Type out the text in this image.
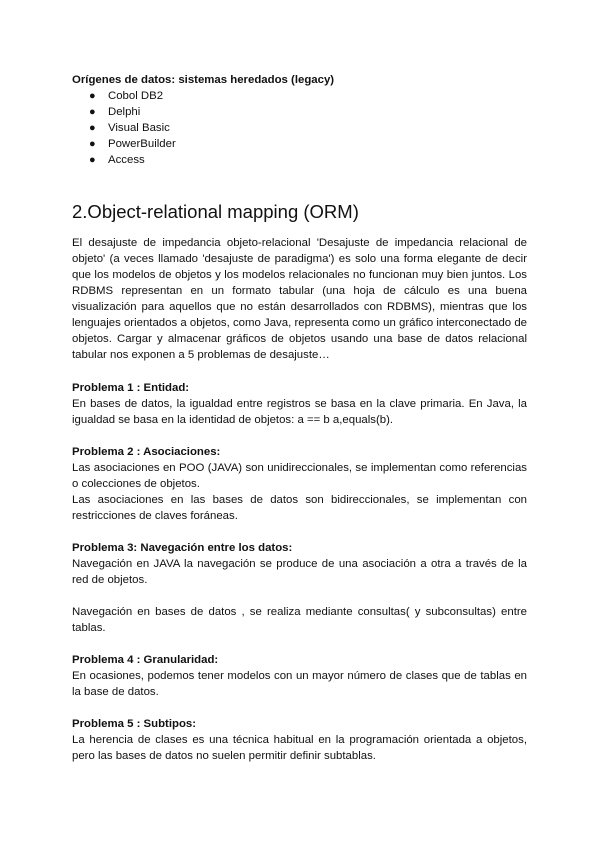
Orígenes de datos: sistemas heredados (legacy)

● Cobol DB2
● Delphi
● Visual Basic
● PowerBuilder
● Access
2.Object-relational mapping (ORM)

El desajuste de impedancia objeto-relacional 'Desajuste de impedancia relacional de objeto' (a veces llamado 'desajuste de paradigma') es solo una forma elegante de decir que los modelos de objetos y los modelos relacionales no funcionan muy bien juntos. Los RDBMS representan en un formato tabular (una hoja de cálculo es una buena visualización para aquellos que no están desarrollados con RDBMS), mientras que los lenguajes orientados a objetos, como Java, representa como un gráfico interconectado de objetos. Cargar y almacenar gráficos de objetos usando una base de datos relacional tabular nos exponen a 5 problemas de desajuste…

Problema 1 : Entidad:

En bases de datos, la igualdad entre registros se basa en la clave primaria. En Java, la igualdad se basa en la identidad de objetos: a == b a,equals(b).

Problema 2 : Asociaciones:

Las asociaciones en POO (JAVA) son unidireccionales, se implementan como referencias o colecciones de objetos.

Las asociaciones en las bases de datos son bidireccionales, se implementan con restricciones de claves foráneas.

Problema 3: Navegación entre los datos:

Navegación en JAVA la navegación se produce de una asociación a otra a través de la red de objetos.

Navegación en bases de datos , se realiza mediante consultas( y subconsultas) entre tablas.

Problema 4 : Granularidad:

En ocasiones, podemos tener modelos con un mayor número de clases que de tablas en la base de datos.

Problema 5 : Subtipos:

La herencia de clases es una técnica habitual en la programación orientada a objetos, pero las bases de datos no suelen permitir definir subtablas.
